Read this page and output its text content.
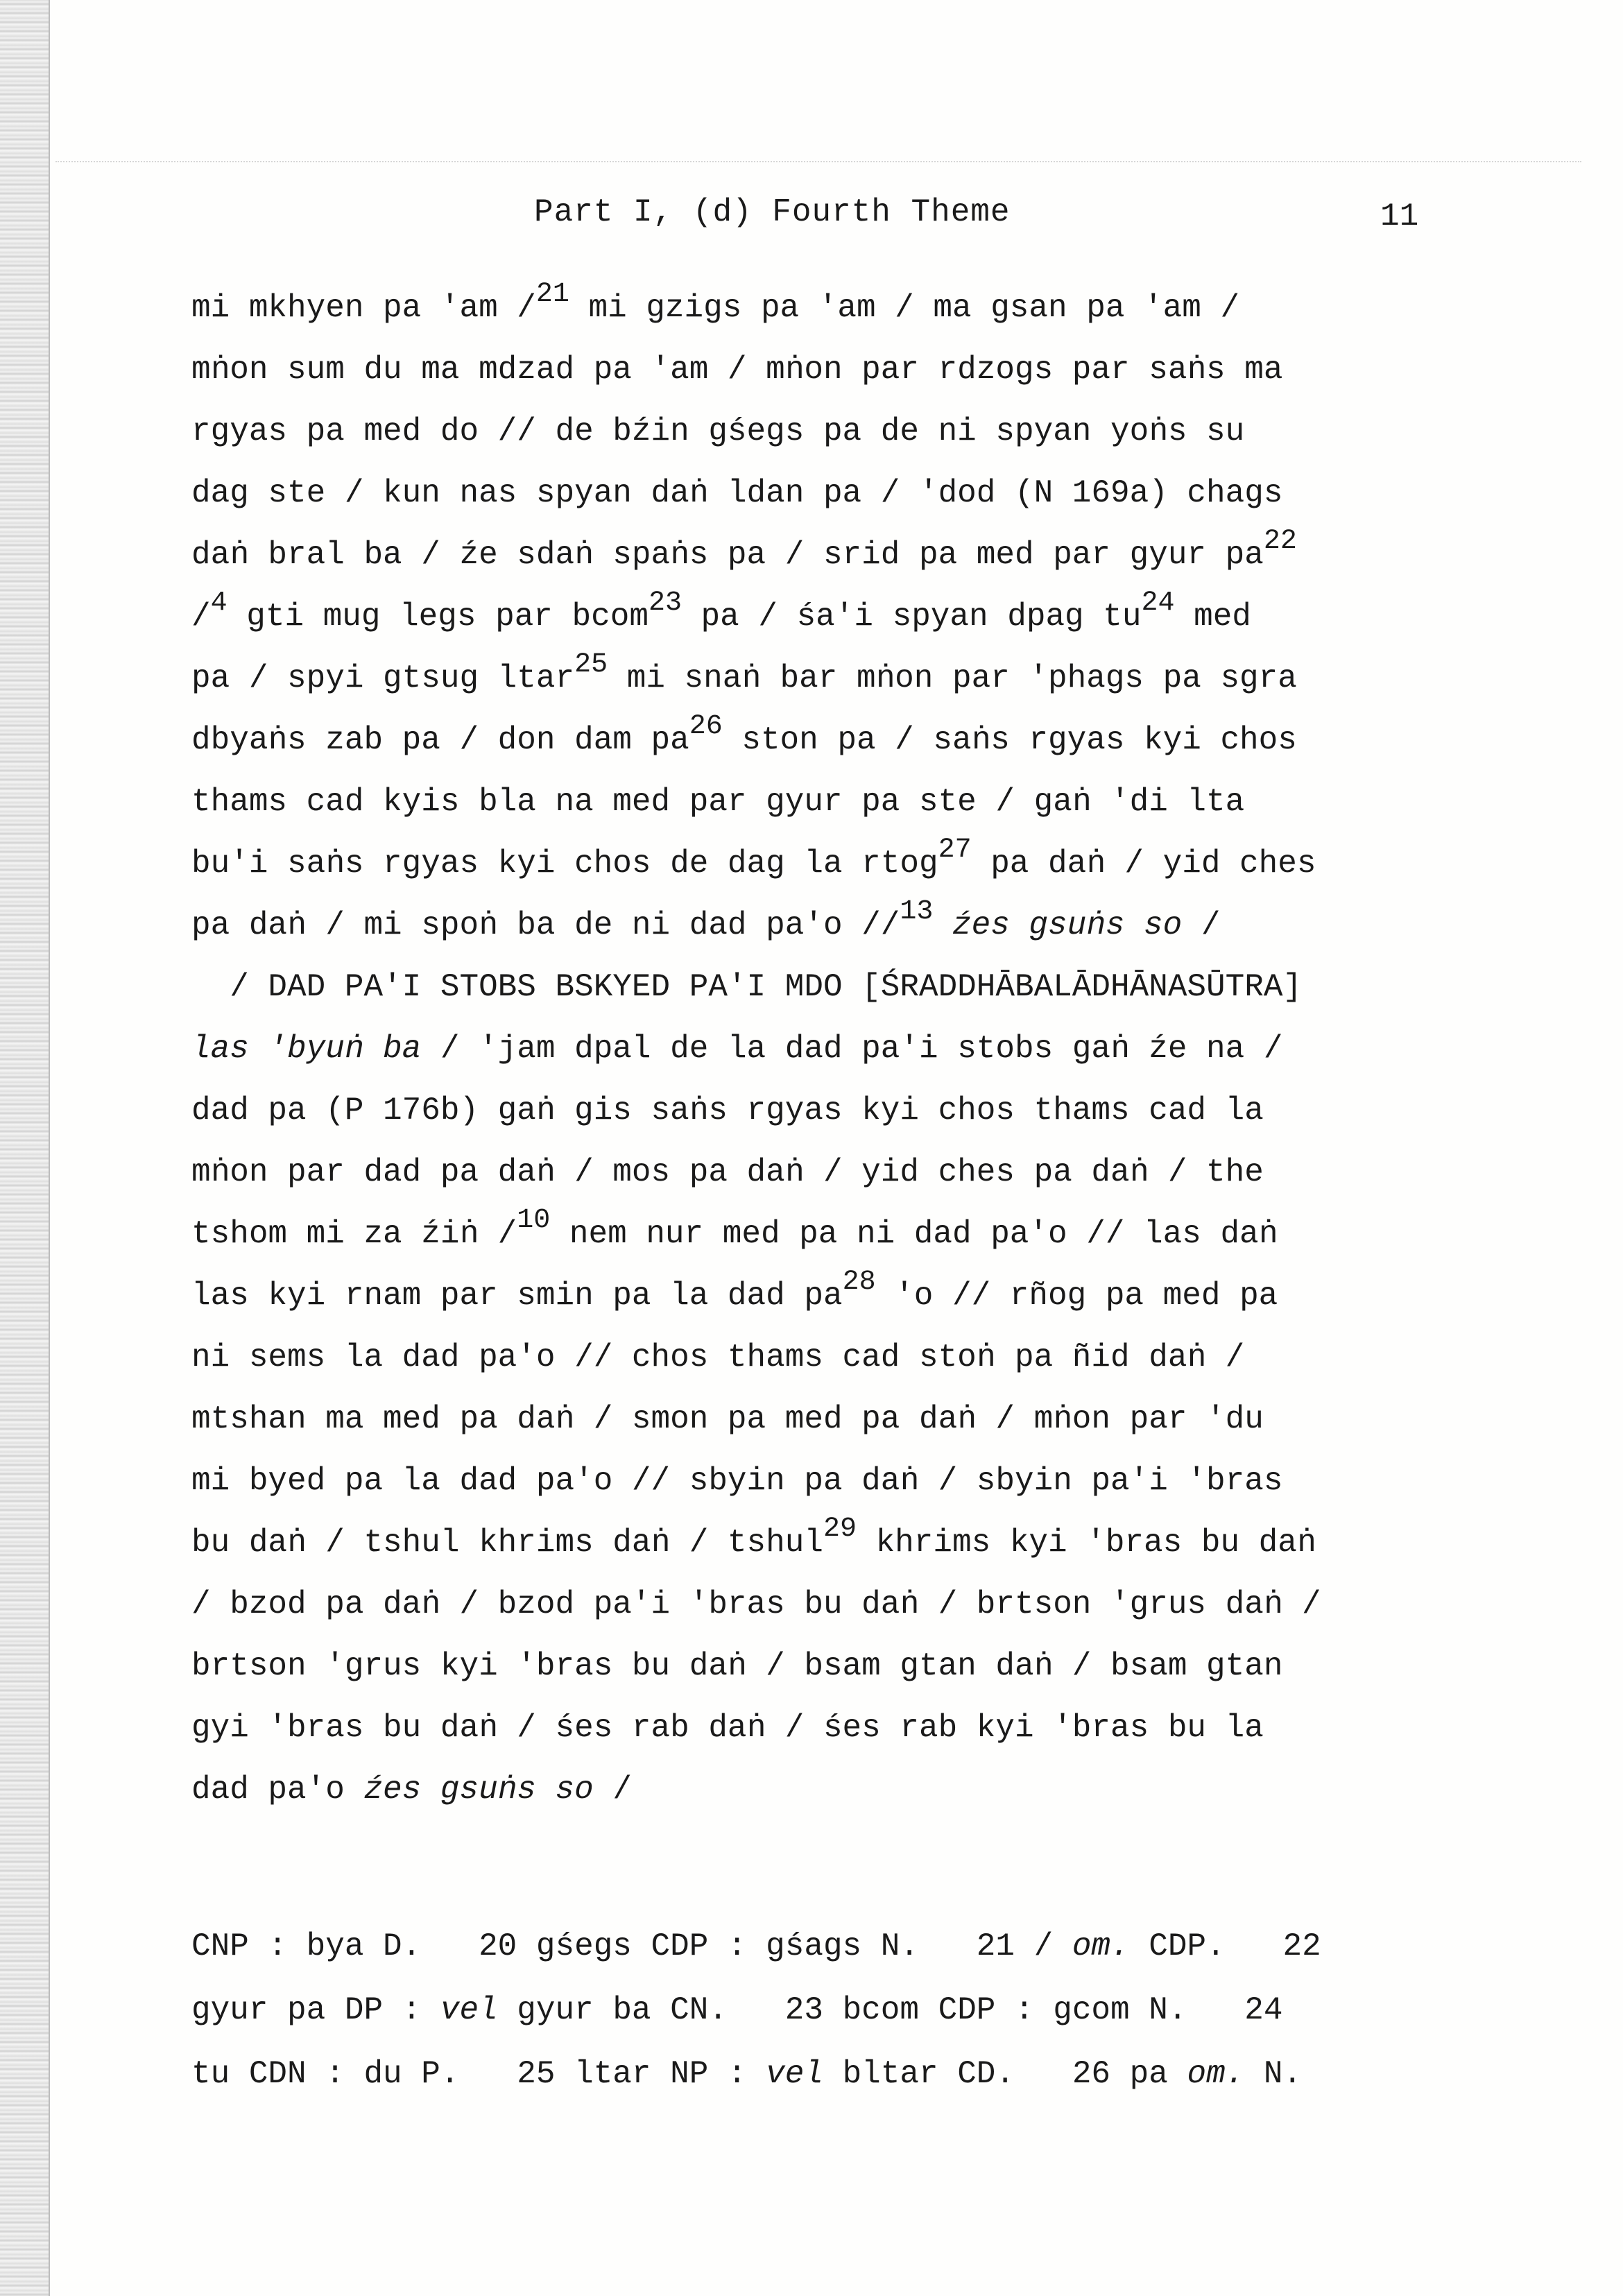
Part I, (d) Fourth Theme	11
mi mkhyen pa 'am /$^{21}$ mi gzigs pa 'am / ma gsan pa 'am /
mṅon sum du ma mdzad pa 'am / mṅon par rdzogs par saṅs ma
rgyas pa med do // de bźin gśegs pa de ni spyan yoṅs su
dag ste / kun nas spyan daṅ ldan pa / 'dod (N 169a) chags
daṅ bral ba / źe sdaṅ spaṅs pa / srid pa med par gyur $pa^{22}$
/$^4$ gti mug legs par bcom$^{23}$ pa / śa'i spyan dpag $tu^{24}$ med
pa / spyi gtsug ltar$^{25}$ mi snaṅ bar mṅon par 'phags pa sgra
dbyaṅs zab pa / don dam $pa^{26}$ ston pa / saṅs rgyas kyi chos
thams cad kyis bla na med par gyur pa ste / gaṅ 'di lta
bu'i saṅs rgyas kyi chos de dag la rtog$^{27}$ pa daṅ / yid ches
pa daṅ / mi spoṅ ba de ni dad pa'o //$^{13}$ źes gsuṅs so /
/ DAD PA'I STOBS BSKYED PA'I MDO [ŚRADDHĀBALĀDHĀNASŪTRA]
las 'byuṅ ba / 'jam dpal de la dad pa'i stobs gaṅ źe na /
dad pa (P 176b) gaṅ gis saṅs rgyas kyi chos thams cad la
mṅon par dad pa daṅ / mos pa daṅ / yid ches pa daṅ / the
tshom mi za źiṅ /$^{10}$ nem nur med pa ni dad pa'o // las daṅ
las kyi rnam par smin pa la dad $pa^{28}$ 'o // rñog pa med pa
ni sems la dad pa'o // chos thams cad stoṅ pa ñid daṅ /
mtshan ma med pa daṅ / smon pa med pa daṅ / mṅon par 'du
mi byed pa la dad pa'o // sbyin pa daṅ / sbyin pa'i 'bras
bu daṅ / tshul khrims daṅ / tshul$^{29}$ khrims kyi 'bras bu daṅ
/ bzod pa daṅ / bzod pa'i 'bras bu daṅ / brtson 'grus daṅ /
brtson 'grus kyi 'bras bu daṅ / bsam gtan daṅ / bsam gtan
gyi 'bras bu daṅ / śes rab daṅ / śes rab kyi 'bras bu la
dad pa'o źes gsuṅs so /
CNP : bya D.   20 gśegs CDP : gśags N.   21 / om. CDP.   22
gyur pa DP : vel gyur ba CN.   23 bcom CDP : gcom N.   24
tu CDN : du P.   25 ltar NP : vel bltar CD.   26 pa om. N.
